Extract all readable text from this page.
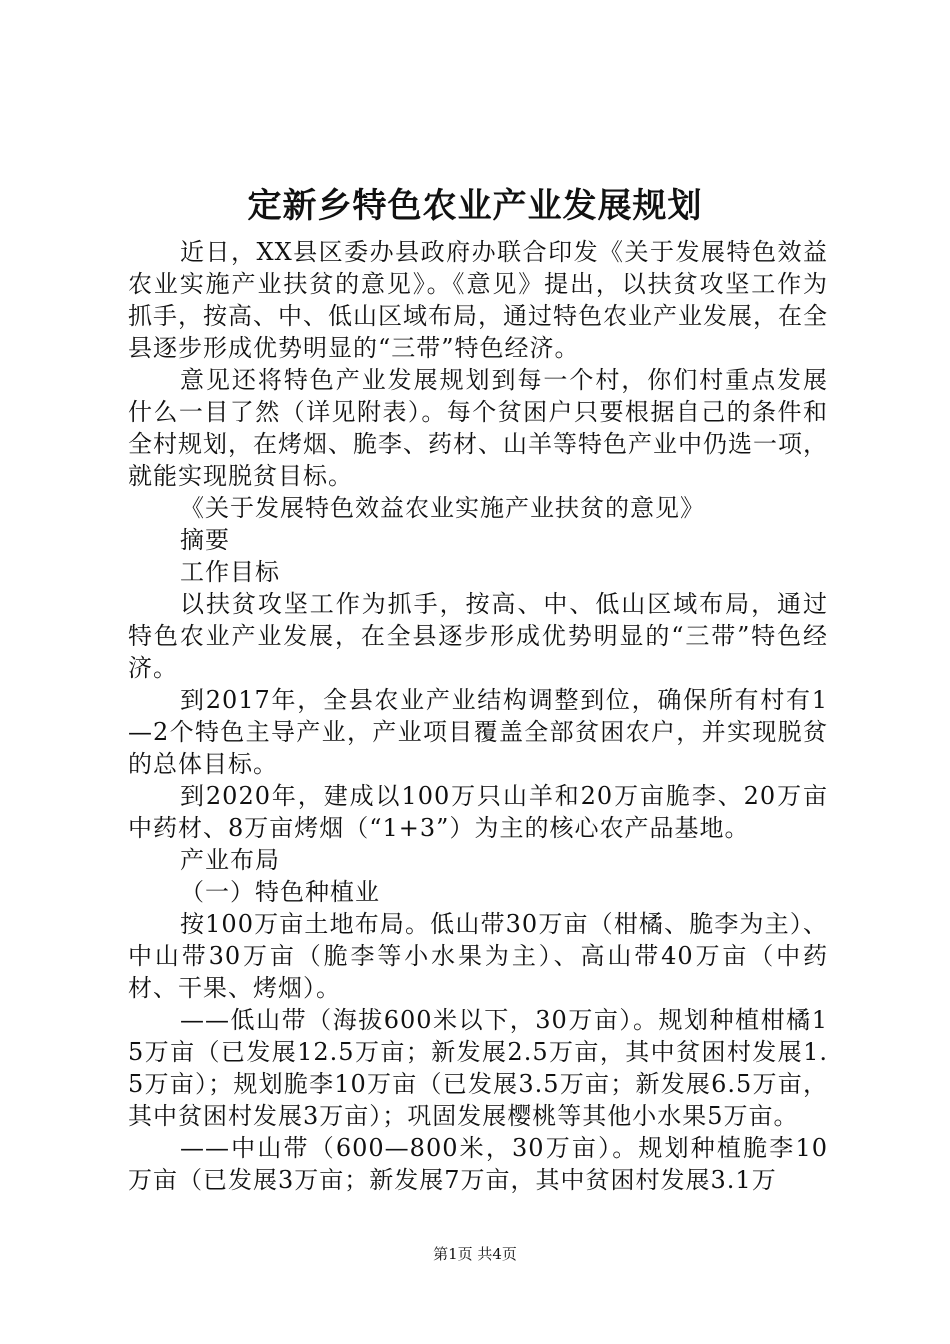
定新乡特色农业产业发展规划

近日，XX县区委办县政府办联合印发《关于发展特色效益农业实施产业扶贫的意见》。《意见》提出，以扶贫攻坚工作为抓手，按高、中、低山区域布局，通过特色农业产业发展，在全县逐步形成优势明显的“三带”特色经济。

意见还将特色产业发展规划到每一个村，你们村重点发展什么一目了然（详见附表）。每个贫困户只要根据自己的条件和全村规划，在烤烟、脆李、药材、山羊等特色产业中仍选一项，就能实现脱贫目标。

《关于发展特色效益农业实施产业扶贫的意见》

摘要

工作目标

以扶贫攻坚工作为抓手，按高、中、低山区域布局，通过特色农业产业发展，在全县逐步形成优势明显的“三带”特色经济。

到2017年，全县农业产业结构调整到位，确保所有村有1—2个特色主导产业，产业项目覆盖全部贫困农户，并实现脱贫的总体目标。

到2020年，建成以100万只山羊和20万亩脆李、20万亩中药材、8万亩烤烟（“1+3”）为主的核心农产品基地。

产业布局

（一）特色种植业

按100万亩土地布局。低山带30万亩（柑橘、脆李为主）、中山带30万亩（脆李等小水果为主）、高山带40万亩（中药材、干果、烤烟）。

——低山带（海拔600米以下，30万亩）。规划种植柑橘15万亩（已发展12.5万亩；新发展2.5万亩，其中贫困村发展1.5万亩）；规划脆李10万亩（已发展3.5万亩；新发展6.5万亩，其中贫困村发展3万亩）；巩固发展樱桃等其他小水果5万亩。

——中山带（600—800米，30万亩）。规划种植脆李10万亩（已发展3万亩；新发展7万亩，其中贫困村发展3.1万

第1页 共4页
